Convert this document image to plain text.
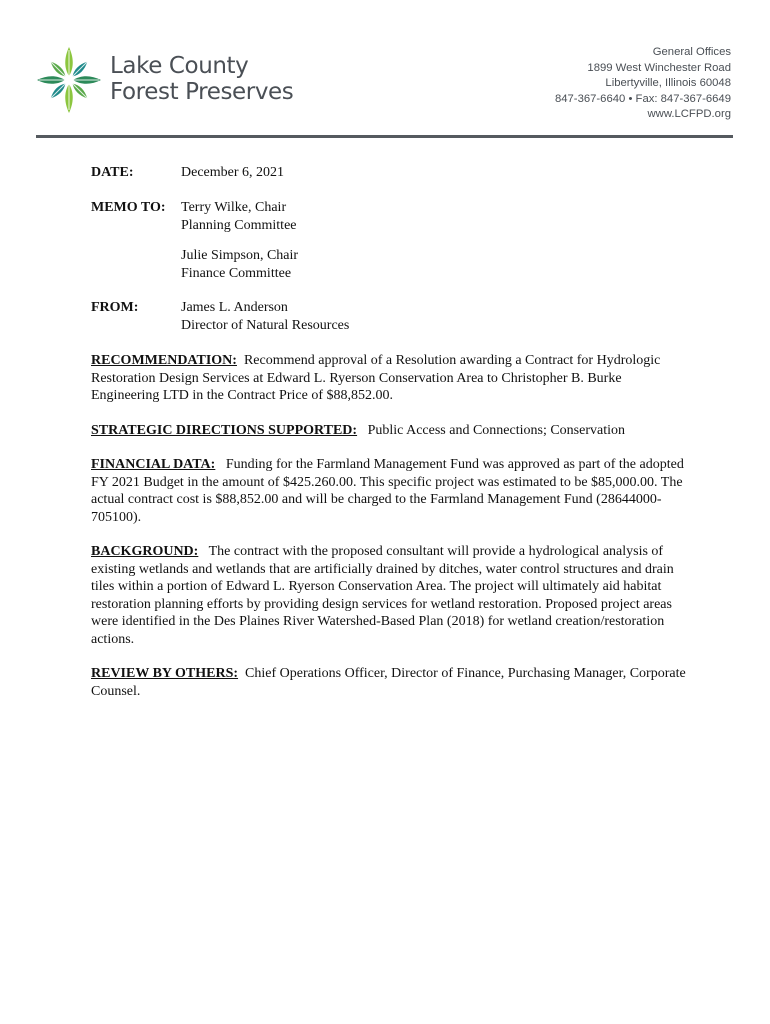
Lake County
Forest Preserves
General Offices
1899 West Winchester Road
Libertyville, Illinois 60048
847-367-6640 • Fax: 847-367-6649
www.LCFPD.org
DATE:	December 6, 2021
MEMO TO: Terry Wilke, Chair
Planning Committee
Julie Simpson, Chair
Finance Committee
FROM:	James L. Anderson
Director of Natural Resources

RECOMMENDATION: Recommend approval of a Resolution awarding a Contract for Hydrologic Restoration Design Services at Edward L. Ryerson Conservation Area to Christopher B. Burke Engineering LTD in the Contract Price of $88,852.00.

STRATEGIC DIRECTIONS SUPPORTED: Public Access and Connections; Conservation

FINANCIAL DATA: Funding for the Farmland Management Fund was approved as part of the adopted FY 2021 Budget in the amount of $425.260.00. This specific project was estimated to be $85,000.00. The actual contract cost is $88,852.00 and will be charged to the Farmland Management Fund (28644000-705100).

BACKGROUND: The contract with the proposed consultant will provide a hydrological analysis of existing wetlands and wetlands that are artificially drained by ditches, water control structures and drain tiles within a portion of Edward L. Ryerson Conservation Area. The project will ultimately aid habitat restoration planning efforts by providing design services for wetland restoration. Proposed project areas were identified in the Des Plaines River Watershed-Based Plan (2018) for wetland creation/restoration actions.

REVIEW BY OTHERS: Chief Operations Officer, Director of Finance, Purchasing Manager, Corporate Counsel.
